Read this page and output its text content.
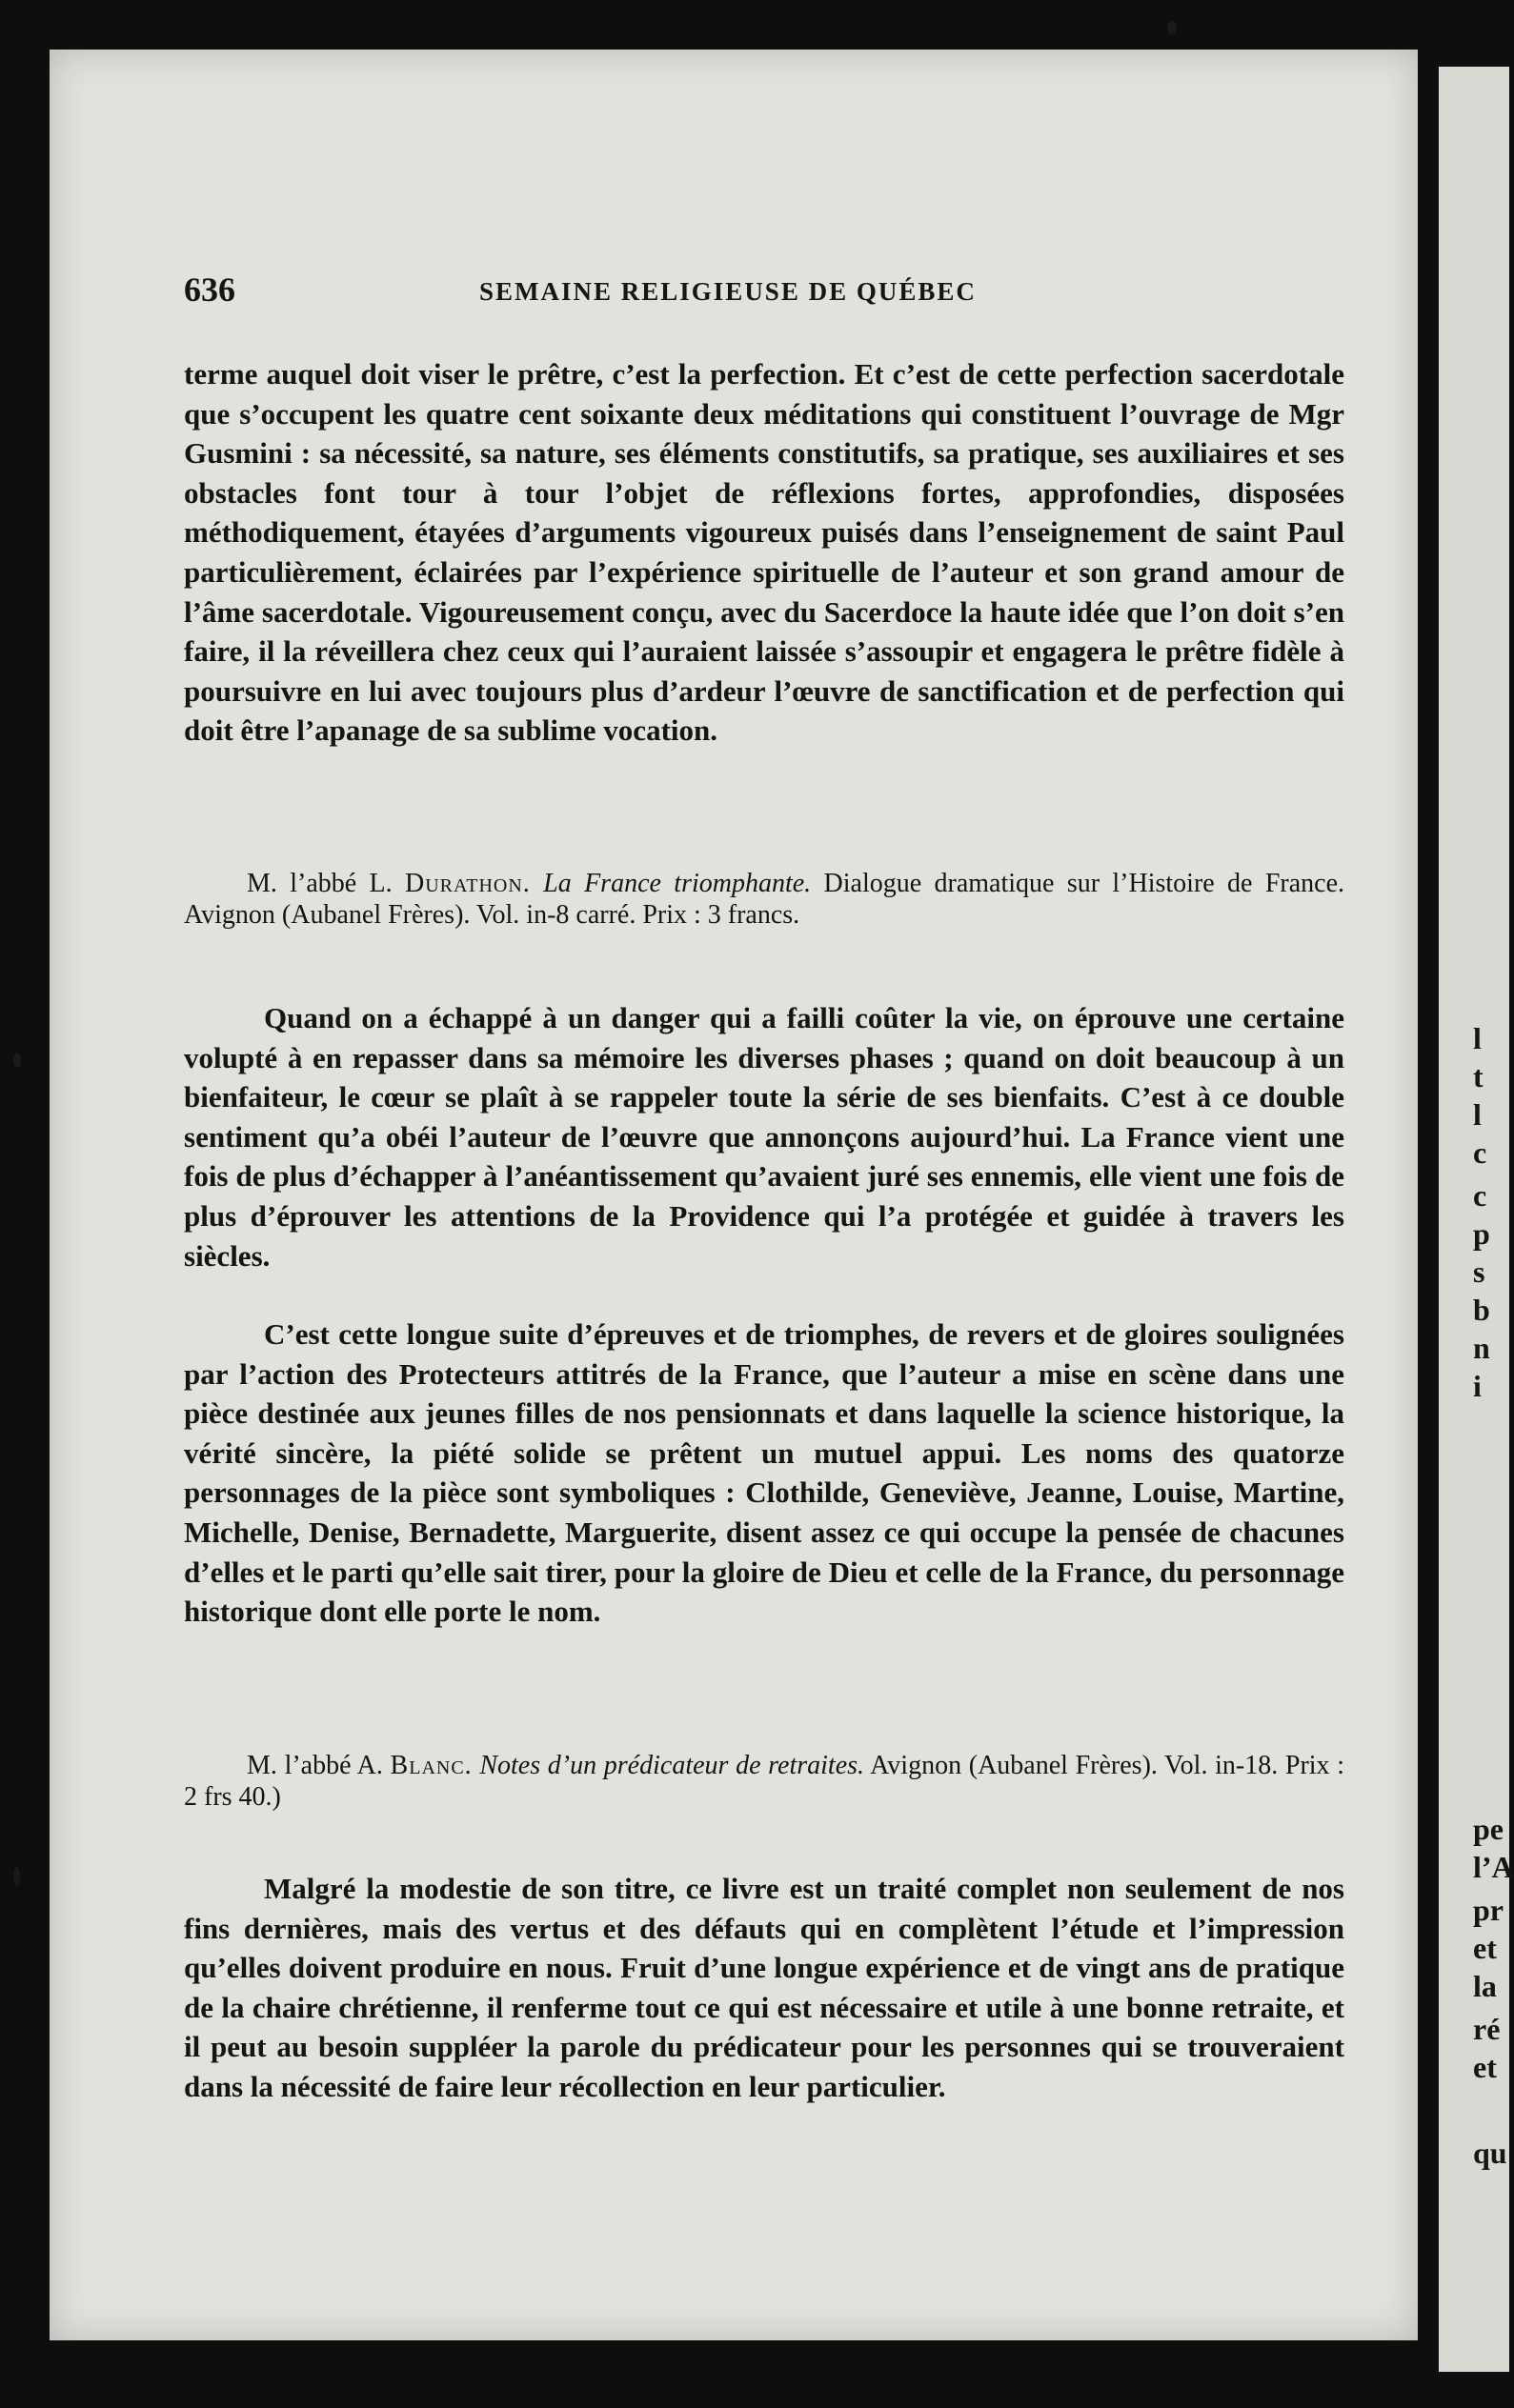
l
t
l
c
c
p
s
b
n
i
pe
l’A
pr
et
la
ré
et
qu
636	SEMAINE RELIGIEUSE DE QUÉBEC

terme auquel doit viser le prêtre, c’est la perfection. Et c’est de cette perfection sacerdotale que s’occupent les quatre cent soixante deux méditations qui constituent l’ouvrage de Mgr Gusmini : sa nécessité, sa nature, ses éléments constitutifs, sa pratique, ses auxiliaires et ses obstacles font tour à tour l’objet de réflexions fortes, approfondies, disposées méthodiquement, étayées d’arguments vigoureux puisés dans l’enseignement de saint Paul particulièrement, éclairées par l’expérience spirituelle de l’auteur et son grand amour de l’âme sacerdotale. Vigoureusement conçu, avec du Sacerdoce la haute idée que l’on doit s’en faire, il la réveillera chez ceux qui l’auraient laissée s’assoupir et engagera le prêtre fidèle à poursuivre en lui avec toujours plus d’ardeur l’œuvre de sanctification et de perfection qui doit être l’apanage de sa sublime vocation.

M. l’abbé L. Durathon. La France triomphante. Dialogue dramatique sur l’Histoire de France. Avignon (Aubanel Frères). Vol. in-8 carré. Prix : 3 francs.

Quand on a échappé à un danger qui a failli coûter la vie, on éprouve une certaine volupté à en repasser dans sa mémoire les diverses phases ; quand on doit beaucoup à un bienfaiteur, le cœur se plaît à se rappeler toute la série de ses bienfaits. C’est à ce double sentiment qu’a obéi l’auteur de l’œuvre que annonçons aujourd’hui. La France vient une fois de plus d’échapper à l’anéantissement qu’avaient juré ses ennemis, elle vient une fois de plus d’éprouver les attentions de la Providence qui l’a protégée et guidée à travers les siècles.

C’est cette longue suite d’épreuves et de triomphes, de revers et de gloires soulignées par l’action des Protecteurs attitrés de la France, que l’auteur a mise en scène dans une pièce destinée aux jeunes filles de nos pensionnats et dans laquelle la science historique, la vérité sincère, la piété solide se prêtent un mutuel appui. Les noms des quatorze personnages de la pièce sont symboliques : Clothilde, Geneviève, Jeanne, Louise, Martine, Michelle, Denise, Bernadette, Marguerite, disent assez ce qui occupe la pensée de chacunes d’elles et le parti qu’elle sait tirer, pour la gloire de Dieu et celle de la France, du personnage historique dont elle porte le nom.

M. l’abbé A. Blanc. Notes d’un prédicateur de retraites. Avignon (Aubanel Frères). Vol. in-18. Prix : 2 frs 40.)

Malgré la modestie de son titre, ce livre est un traité complet non seulement de nos fins dernières, mais des vertus et des défauts qui en complètent l’étude et l’impression qu’elles doivent produire en nous. Fruit d’une longue expérience et de vingt ans de pratique de la chaire chrétienne, il renferme tout ce qui est nécessaire et utile à une bonne retraite, et il peut au besoin suppléer la parole du prédicateur pour les personnes qui se trouveraient dans la nécessité de faire leur récollection en leur particulier.
